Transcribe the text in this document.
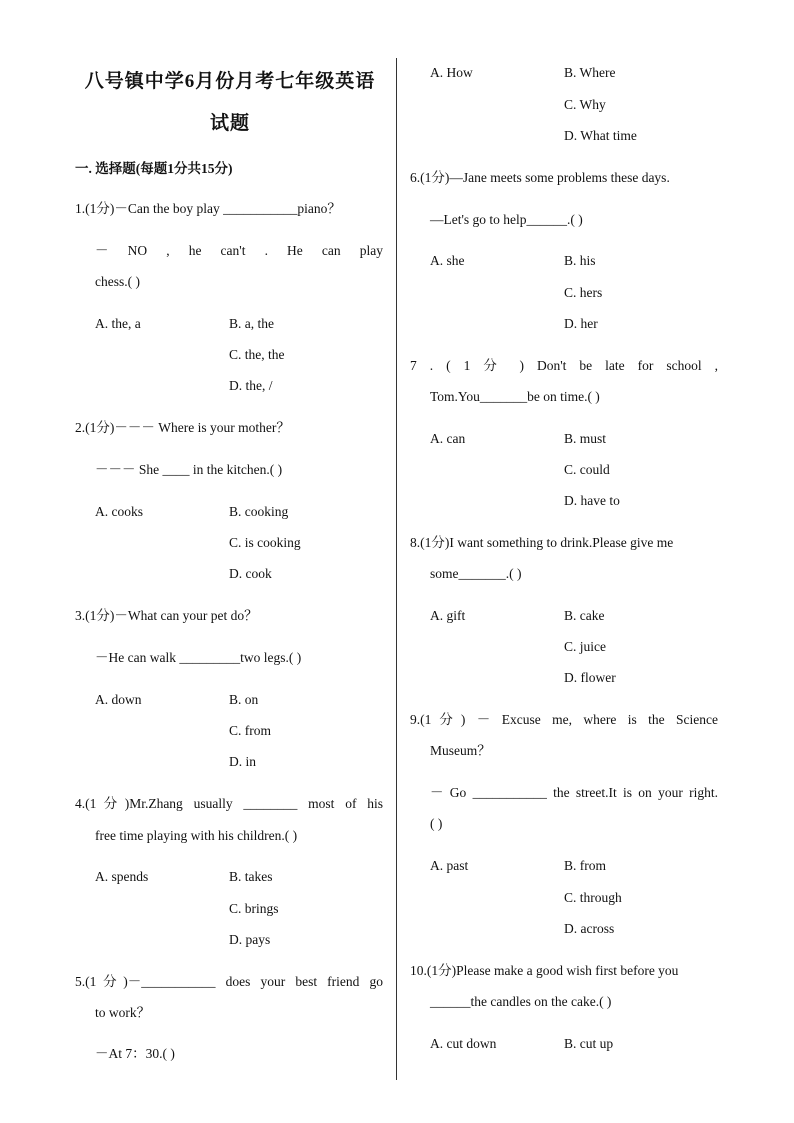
八号镇中学6月份月考七年级英语
试题
一. 选择题(每题1分共15分)
1.(1分)－Can the boy play ___________piano？
－ NO , he can't . He can play
chess.( )
A. the, a	B. a, the
C. the, the
D. the, /
2.(1分)－－－ Where is your mother？
－－－ She ____ in the kitchen.( )
A. cooks	B. cooking
C. is cooking
D. cook
3.(1分)－What can your pet do？
－He can walk _________two legs.( )
A. down	B. on
C. from
D. in
4.(1分)Mr.Zhang usually ________ most of his
free time playing with his children.( )
A. spends	B. takes
C. brings
D. pays
5.(1分)－___________ does your best friend go
to work？
－At 7：30.( )
A. How	B. Where
C. Why
D. What time
6.(1分)—Jane meets some problems these days.
—Let's go to help______.( )
A. she	B. his
C. hers
D. her
7 . ( 1 分 ) Don't be late for school ,
Tom.You_______be on time.( )
A. can	B. must
C. could
D. have to
8.(1分)I want something to drink.Please give me
some_______.( )
A. gift	B. cake
C. juice
D. flower
9.(1分) － Excuse me, where is the Science
Museum？
－ Go ___________ the street.It is on your right.
( )
A. past	B. from
C. through
D. across
10.(1分)Please make a good wish first before you
______the candles on the cake.( )
A. cut down	B. cut up
